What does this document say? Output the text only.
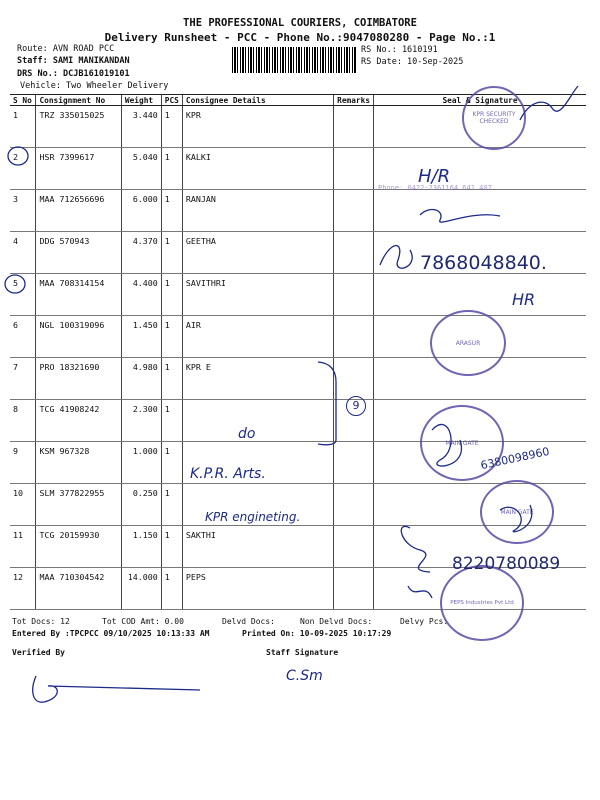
THE PROFESSIONAL COURIERS, COIMBATORE
Delivery Runsheet - PCC - Phone No.:9047080280 - Page No.:1
Route: AVN ROAD PCC
Staff: SAMI MANIKANDAN
DRS No.: DCJB161019101
Vehicle: Two Wheeler Delivery
RS No.: 1610191
RS Date: 10-Sep-2025
S No	Consignment No	Weight	PCS	Consignee Details	Remarks	Seal & Signature
1	TRZ 335015025	3.440	1	KPR		
2	HSR 7399617	5.040	1	KALKI		
3	MAA 712656696	6.000	1	RANJAN		
4	DDG 570943	4.370	1	GEETHA		
5	MAA 708314154	4.400	1	SAVITHRI		
6	NGL 100319096	1.450	1	AIR		
7	PRO 18321690	4.980	1	KPR E		
8	TCG 41908242	2.300	1			
9	KSM 967328	1.000	1			
10	SLM 377822955	0.250	1			
11	TCG 20159930	1.150	1	SAKTHI		
12	MAA 710304542	14.000	1	PEPS		
Tot Docs: 12	Tot COD Amt: 0.00	Delvd Docs:	Non Delvd Docs:	Delvy Pcs:
Entered By :TPCPCC 09/10/2025 10:13:33 AM	Printed On: 10-09-2025 10:17:29
Verified By	Staff Signature
KPR SECURITY CHECKED
ARASUR
MAIN GATE
MAIN GATE
PEPS Industries Pvt Ltd
Phone: 0422-2361164 641 407
H/R
7868048840.
HR
do
K.P.R. Arts.
KPR engineting.
8220780089
6380098960
9
C.Sm
